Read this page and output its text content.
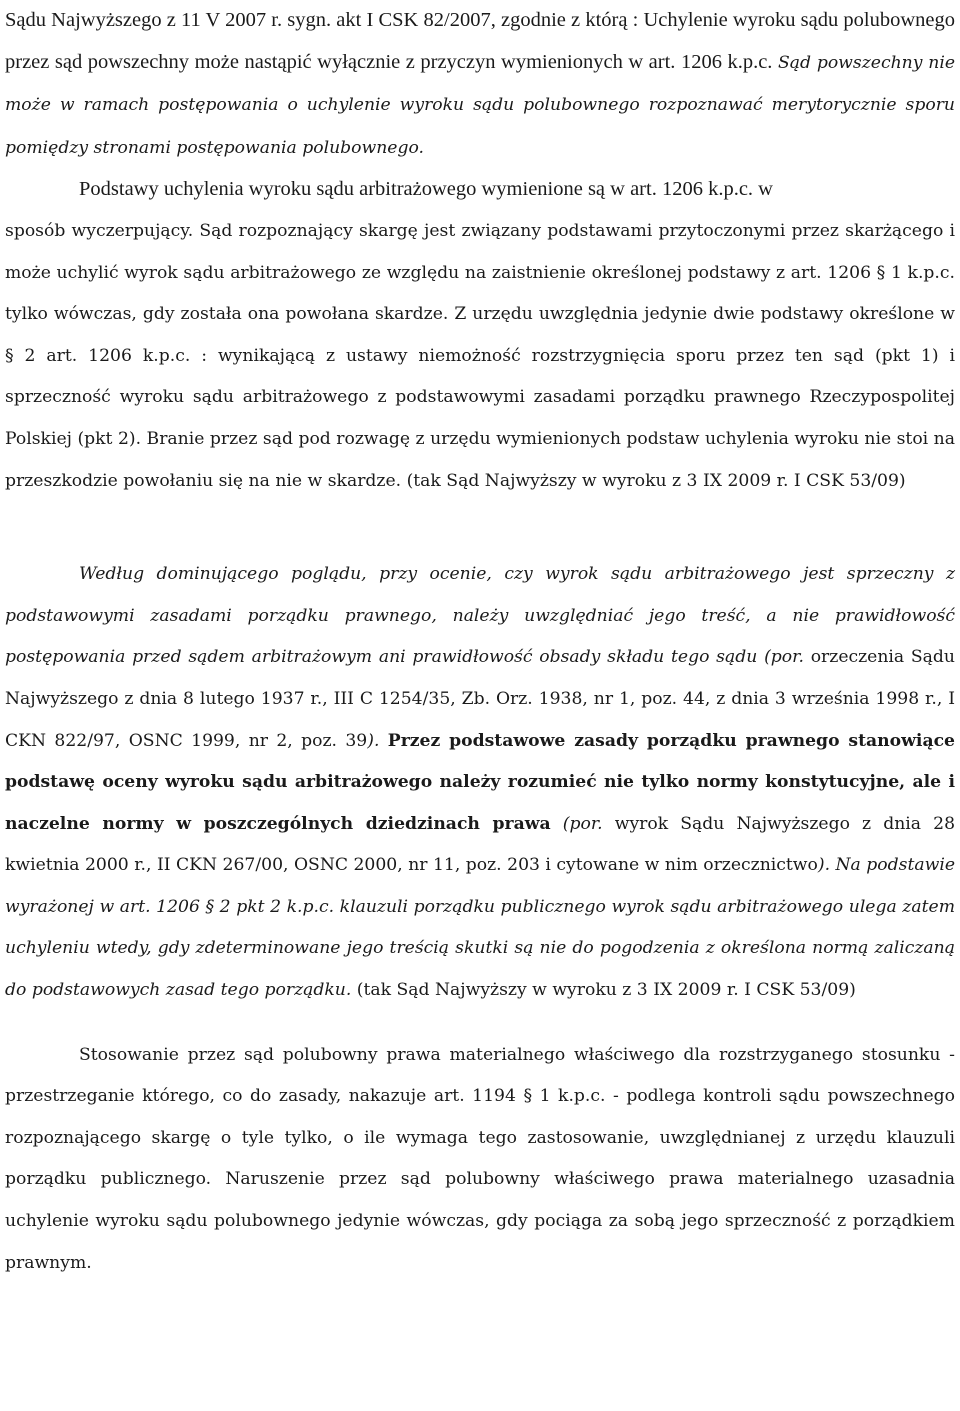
Sądu Najwyższego z 11 V 2007 r. sygn. akt I CSK 82/2007, zgodnie z którą : Uchylenie wyroku sądu polubownego przez sąd powszechny może nastąpić wyłącznie z przyczyn wymienionych w art. 1206 k.p.c. Sąd powszechny nie może w ramach postępowania o uchylenie wyroku sądu polubownego rozpoznawać merytorycznie sporu pomiędzy stronami postępowania polubownego.

Podstawy uchylenia wyroku sądu arbitrażowego wymienione są w art. 1206 k.p.c. w

sposób wyczerpujący. Sąd rozpoznający skargę jest związany podstawami przytoczonymi przez skarżącego i może uchylić wyrok sądu arbitrażowego ze względu na zaistnienie określonej podstawy z art. 1206 § 1 k.p.c. tylko wówczas, gdy została ona powołana skardze. Z urzędu uwzględnia jedynie dwie podstawy określone w § 2 art. 1206 k.p.c. : wynikającą z ustawy niemożność rozstrzygnięcia sporu przez ten sąd (pkt 1) i sprzeczność wyroku sądu arbitrażowego z podstawowymi zasadami porządku prawnego Rzeczypospolitej Polskiej (pkt 2). Branie przez sąd pod rozwagę z urzędu wymienionych podstaw uchylenia wyroku nie stoi na przeszkodzie powołaniu się na nie w skardze. (tak Sąd Najwyższy w wyroku z 3 IX 2009 r. I CSK 53/09)

Według dominującego poglądu, przy ocenie, czy wyrok sądu arbitrażowego jest sprzeczny z podstawowymi zasadami porządku prawnego, należy uwzględniać jego treść, a nie prawidłowość postępowania przed sądem arbitrażowym ani prawidłowość obsady składu tego sądu (por. orzeczenia Sądu Najwyższego z dnia 8 lutego 1937 r., III C 1254/35, Zb. Orz. 1938, nr 1, poz. 44, z dnia 3 września 1998 r., I CKN 822/97, OSNC 1999, nr 2, poz. 39). Przez podstawowe zasady porządku prawnego stanowiące podstawę oceny wyroku sądu arbitrażowego należy rozumieć nie tylko normy konstytucyjne, ale i naczelne normy w poszczególnych dziedzinach prawa (por. wyrok Sądu Najwyższego z dnia 28 kwietnia 2000 r., II CKN 267/00, OSNC 2000, nr 11, poz. 203 i cytowane w nim orzecznictwo). Na podstawie wyrażonej w art. 1206 § 2 pkt 2 k.p.c. klauzuli porządku publicznego wyrok sądu arbitrażowego ulega zatem uchyleniu wtedy, gdy zdeterminowane jego treścią skutki są nie do pogodzenia z określona normą zaliczaną do podstawowych zasad tego porządku. (tak Sąd Najwyższy w wyroku z 3 IX 2009 r. I CSK 53/09)

Stosowanie przez sąd polubowny prawa materialnego właściwego dla rozstrzyganego stosunku - przestrzeganie którego, co do zasady, nakazuje art. 1194 § 1 k.p.c. - podlega kontroli sądu powszechnego rozpoznającego skargę o tyle tylko, o ile wymaga tego zastosowanie, uwzględnianej z urzędu klauzuli porządku publicznego. Naruszenie przez sąd polubowny właściwego prawa materialnego uzasadnia uchylenie wyroku sądu polubownego jedynie wówczas, gdy pociąga za sobą jego sprzeczność z porządkiem prawnym.
